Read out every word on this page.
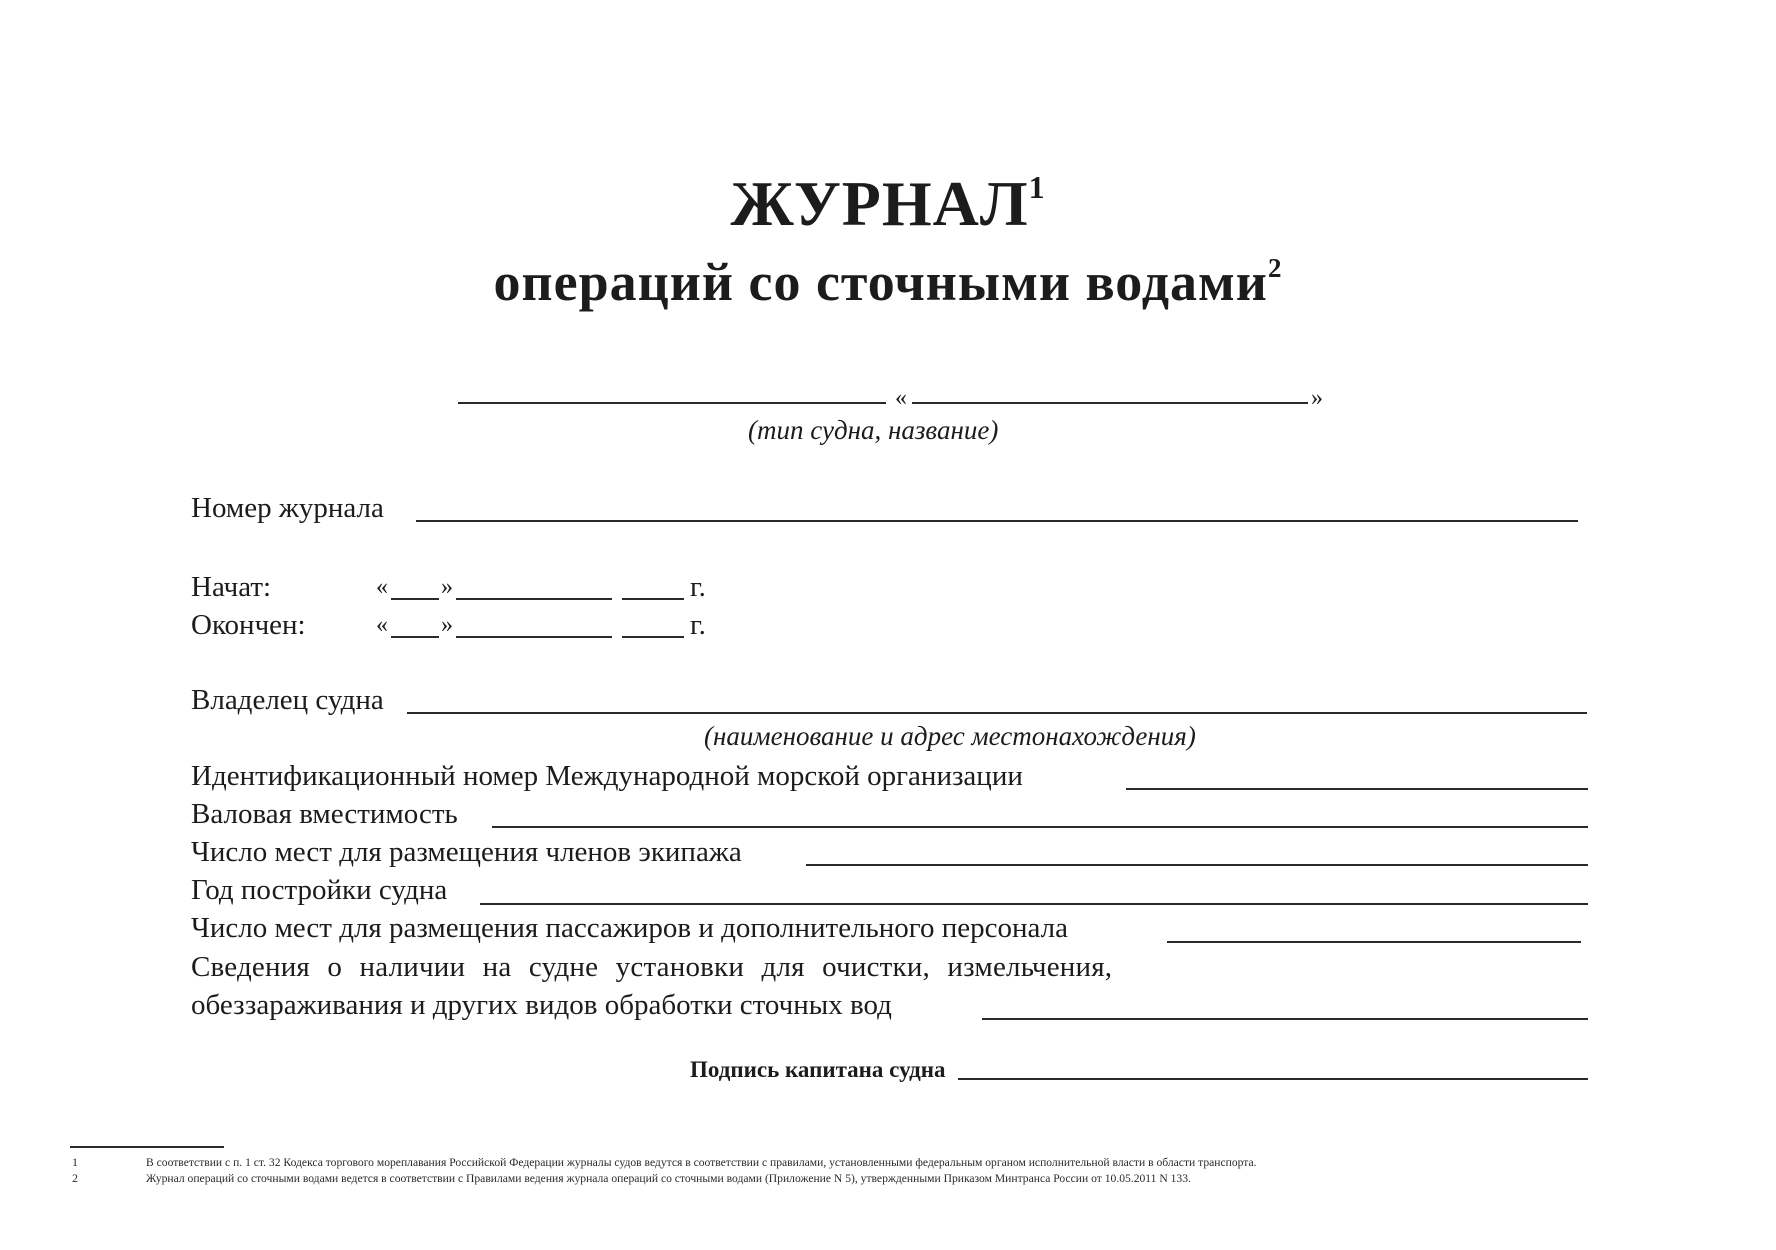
ЖУРНАЛ$^1$
операций со сточными водами$^2$
«	»
(тип судна, название)
Номер журнала
Начат:	« »	г.
Окончен:	« »	г.
Владелец судна
(наименование и адрес местонахождения)
Идентификационный номер Международной морской организации
Валовая вместимость
Число мест для размещения членов экипажа
Год постройки судна
Число мест для размещения пассажиров и дополнительного персонала
Сведения о наличии на судне установки для очистки, измельчения,
обеззараживания и других видов обработки сточных вод
Подпись капитана судна
1	В соответствии с п. 1 ст. 32 Кодекса торгового мореплавания Российской Федерации журналы судов ведутся в соответствии с правилами, установленными федеральным органом исполнительной власти в области транспорта.
2	Журнал операций со сточными водами ведется в соответствии с Правилами ведения журнала операций со сточными водами (Приложение N 5), утвержденными Приказом Минтранса России от 10.05.2011 N 133.
